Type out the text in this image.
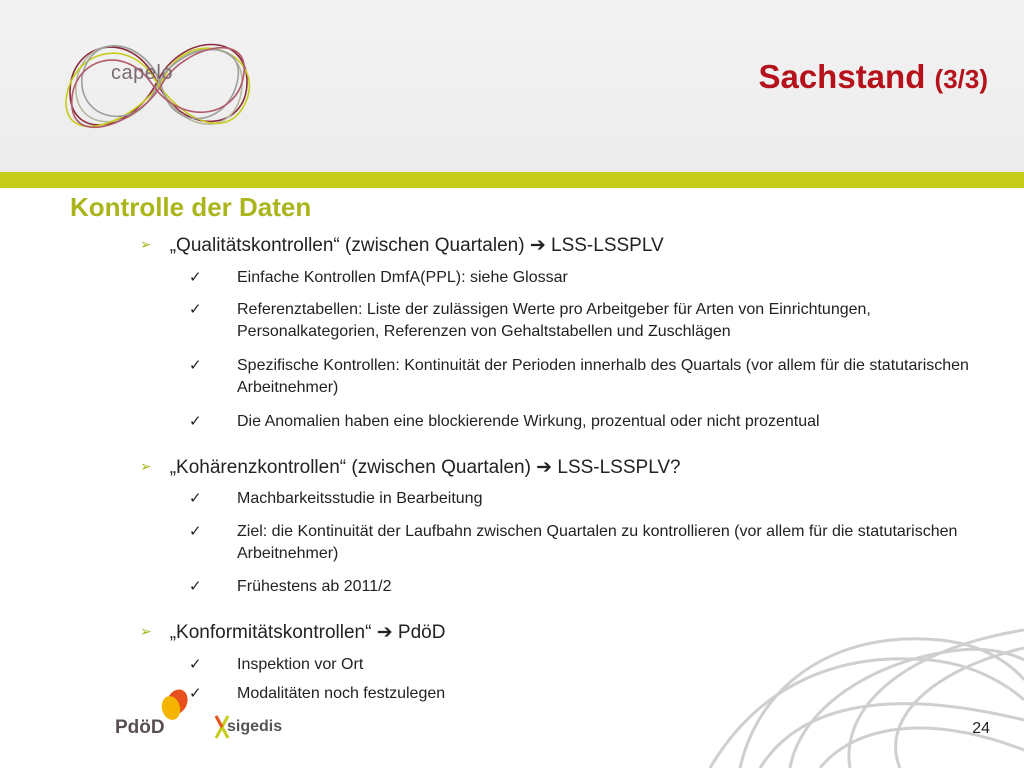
capelo	Sachstand (3/3)
Kontrolle der Daten
➢ „Qualitätskontrollen“ (zwischen Quartalen) ➔ LSS-LSSPLV
✓ Einfache Kontrollen DmfA(PPL): siehe Glossar
✓ Referenztabellen: Liste der zulässigen Werte pro Arbeitgeber für Arten von Einrichtungen, Personalkategorien, Referenzen von Gehaltstabellen und Zuschlägen
✓ Spezifische Kontrollen: Kontinuität der Perioden innerhalb des Quartals (vor allem für die statutarischen Arbeitnehmer)
✓ Die Anomalien haben eine blockierende Wirkung, prozentual oder nicht prozentual
➢ „Kohärenzkontrollen“ (zwischen Quartalen) ➔ LSS-LSSPLV?
✓ Machbarkeitsstudie in Bearbeitung
✓ Ziel: die Kontinuität der Laufbahn zwischen Quartalen zu kontrollieren (vor allem für die statutarischen Arbeitnehmer)
✓ Frühestens ab 2011/2
➢ „Konformitätskontrollen“ ➔ PdöD
✓ Inspektion vor Ort
✓ Modalitäten noch festzulegen
PdöD	sigedis	24
